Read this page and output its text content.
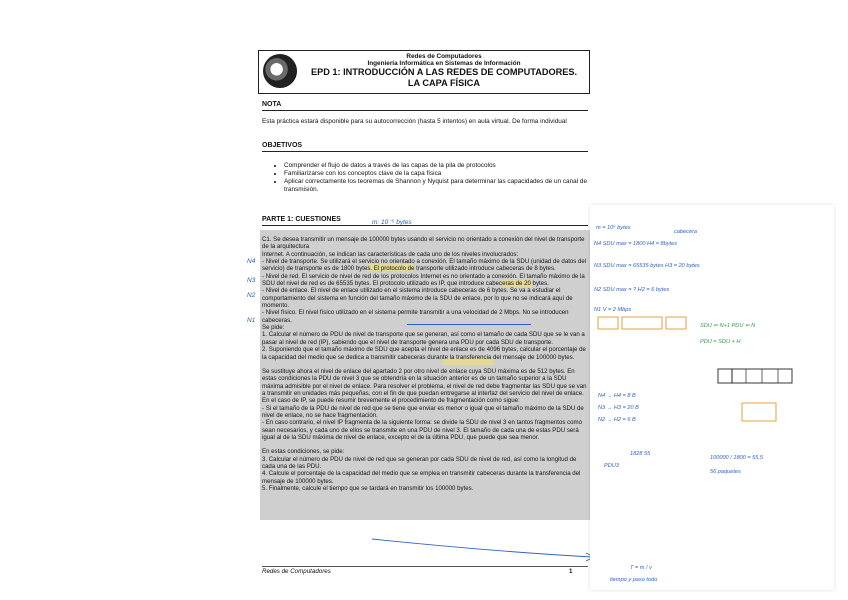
Redes de Computadores
Ingeniería Informática en Sistemas de Información
EPD 1: INTRODUCCIÓN A LAS REDES DE COMPUTADORES.
LA CAPA FÍSICA
NOTA
Esta práctica estará disponible para su autocorrección (hasta 5 intentos) en aula virtual. De forma individual
OBJETIVOS
• Comprender el flujo de datos a través de las capas de la pila de protocolos
• Familiarizarse con los conceptos clave de la capa física
• Aplicar correctamente los teoremas de Shannon y Nyquist para determinar las capacidades de un canal de transmisión.
PARTE 1: CUESTIONES

C1. Se desea transmitir un mensaje de 100000 bytes usando el servicio no orientado a conexión del nivel de transporte de la arquitectura

Internet. A continuación, se indican las características de cada uno de los niveles involucrados:

- Nivel de transporte. Se utilizará el servicio no orientado a conexión. El tamaño máximo de la SDU (unidad de datos del servicio) de transporte es de 1800 bytes. El protocolo de transporte utilizado introduce cabeceras de 8 bytes.

- Nivel de red. El servicio de nivel de red de los protocolos Internet es no orientado a conexión. El tamaño máximo de la SDU del nivel de red es de 65535 bytes. El protocolo utilizado es IP, que introduce cabeceras de 20 bytes.

- Nivel de enlace. El nivel de enlace utilizado en el sistema introduce cabeceras de 6 bytes. Se va a estudiar el comportamiento del sistema en función del tamaño máximo de la SDU de enlace, por lo que no se indicará aquí de momento.

- Nivel físico. El nivel físico utilizado en el sistema permite transmitir a una velocidad de 2 Mbps. No se introducen cabeceras.

Se pide:

1. Calcular el número de PDU de nivel de transporte que se generan, así como el tamaño de cada SDU que se le van a pasar al nivel de red (IP), sabiendo que el nivel de transporte genera una PDU por cada SDU de transporte.

2. Suponiendo que el tamaño máximo de SDU que acepta el nivel de enlace es de 4096 bytes, calcular el porcentaje de la capacidad del medio que se dedica a transmitir cabeceras durante la transferencia del mensaje de 100000 bytes.

Se sustituye ahora el nivel de enlace del apartado 2 por otro nivel de enlace cuya SDU máxima es de 512 bytes. En estas condiciones la PDU de nivel 3 que se obtendría en la situación anterior es de un tamaño superior a la SDU máxima admisible por el nivel de enlace. Para resolver el problema, el nivel de red debe fragmentar las SDU que se van a transmitir en unidades más pequeñas, con el fin de que puedan entregarse al interfaz del servicio del nivel de enlace. En el caso de IP, se puede resumir brevemente el procedimiento de fragmentación como sigue:

- Si el tamaño de la PDU de nivel de red que se tiene que enviar es menor o igual que el tamaño máximo de la SDU de nivel de enlace, no se hace fragmentación.

- En caso contrario, el nivel IP fragmenta de la siguiente forma: se divide la SDU de nivel 3 en tantos fragmentos como sean necesarios, y cada uno de ellos se transmite en una PDU de nivel 3. El tamaño de cada una de estas PDU será igual al de la SDU máxima de nivel de enlace, excepto el de la última PDU, que puede que sea menor.

En estas condiciones, se pide:

3. Calcular el número de PDU de nivel de red que se generan por cada SDU de nivel de red, así como la longitud de cada una de las PDU.

4. Calcule el porcentaje de la capacidad del medio que se emplea en transmitir cabeceras durante la transferencia del mensaje de 100000 bytes.

5. Finalmente, calcule el tiempo que se tardará en transmitir los 100000 bytes.

m: 10⁻⁵ bytes
N4
N3
N2
N1
Redes de Computadores	1
m = 10⁵ bytes
cabecera
N4 SDU max = 1800 H4 = 8bytes
N3 SDU max = 65535 bytes H3 = 20 bytes
N2 SDU max = ? H2 = 6 bytes
N1 V = 2 Mbps
SDU ⇐ N+1 PDU ⇐ N
PDU = SDU + H
N4 → H4 = 8 B
N3 → H3 = 20 B
N2 → H2 = 6 B
1828 55
PDU3
100000 / 1800 = 55,5
56 paquetes
T = m / v
tiempo y paso todo
